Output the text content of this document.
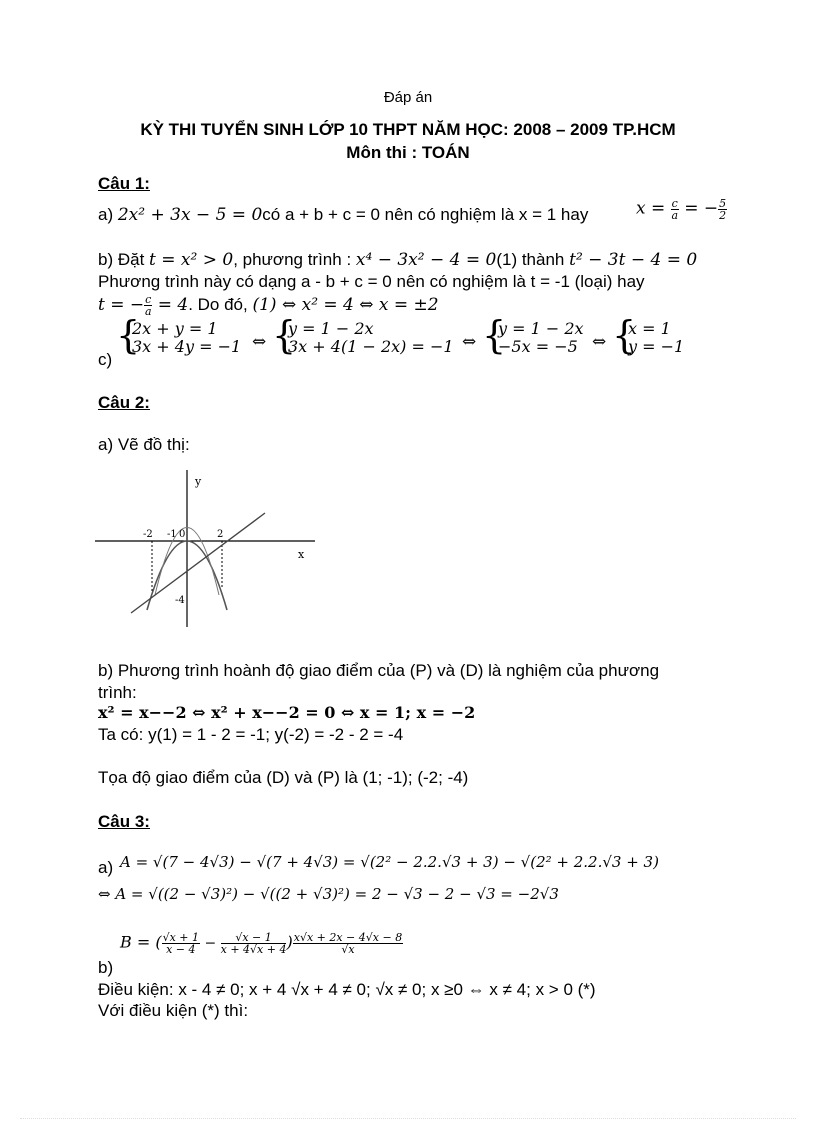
Đáp án
KỲ THI TUYỂN SINH LỚP 10 THPT NĂM HỌC: 2008 – 2009 TP.HCM
Môn thi : TOÁN
Câu 1:
a) 2x² + 3x − 5 = 0có a + b + c = 0 nên có nghiệm là x = 1 hay	$x = \frac{c}{a}$ = − $\frac{5}{2}$
b) Đặt t = x² > 0, phương trình : x⁴ − 3x² − 4 = 0(1) thành t² − 3t − 4 = 0
Phương trình này có dạng a - b + c = 0 nên có nghiệm là t = -1 (loại) hay
t = − $\frac{c}{a} = 4$. Do đó, (1) ⇔ x² = 4 ⇔ x = ±2
c)
{
2x + y = 1
3x + 4y = −1 ⇔ {
y = 1 − 2x
3x + 4(1 − 2x) = −1 ⇔ {
y = 1 − 2x
−5x = −5 ⇔ {
x = 1
y = −1
Câu 2:
a) Vẽ đồ thị:
y
x
-2 -1 0	2
-4
b) Phương trình hoành độ giao điểm của (P) và (D) là nghiệm của phương
trình:
x² = x−−2 ⇔ x² + x−−2 = 0 ⇔ x = 1; x = −2
Ta có: y(1) = 1 - 2 = -1; y(-2) = -2 - 2 = -4
Tọa độ giao điểm của (D) và (P) là (1; -1); (-2; -4)
Câu 3:
a) A = √(7 − 4√3) − √(7 + 4√3) = √(2² − 2.2.√3 + 3) − √(2² + 2.2.√3 + 3)
⇔ A = √((2 − √3)²) − √((2 + √3)²) = 2 − √3 − 2 − √3 = −2√3
b)
B = ( $\frac{√x + 1}{x - 4} - \frac{√x - 1}{x + 4√x + 4}$ ) $\frac{x√x + 2x - 4√x - 8}{√x}$
Điều kiện: x - 4 ≠ 0; x + 4 √x + 4 ≠ 0; √x ≠ 0; x ≥0 ⇔ x ≠ 4; x > 0 (*)
Với điều kiện (*) thì:
